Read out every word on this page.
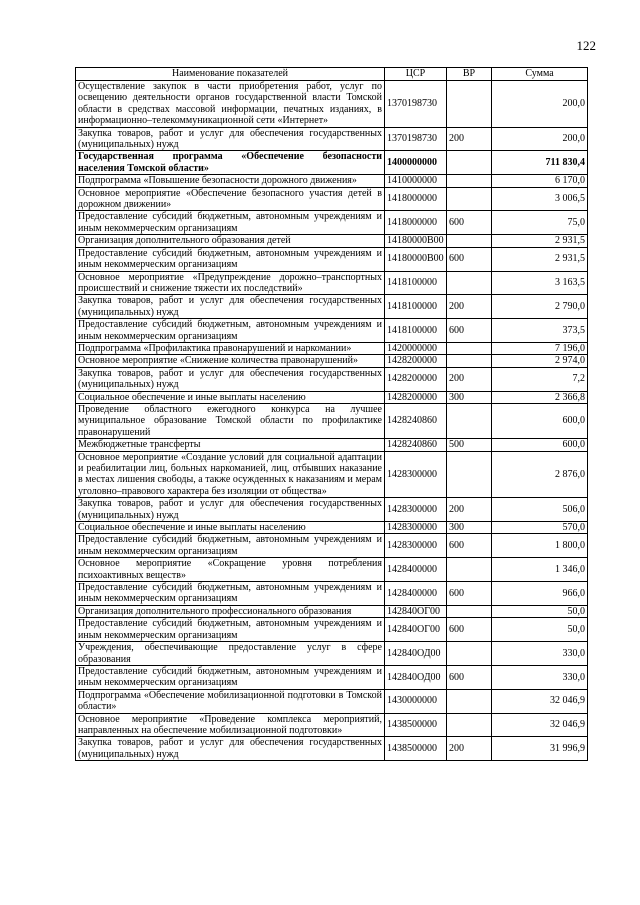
122
Наименование показателей	ЦСР	ВР	Сумма
Осуществление закупок в части приобретения работ, услуг по освещению деятельности органов государственной власти Томской области в средствах массовой информации, печатных изданиях, в информационно–телекоммуникационной сети «Интернет»	1370198730		200,0
Закупка товаров, работ и услуг для обеспечения государственных (муниципальных) нужд	1370198730	200	200,0
Государственная программа «Обеспечение безопасности населения Томской области»	1400000000		711 830,4
Подпрограмма «Повышение безопасности дорожного движения»	1410000000		6 170,0
Основное мероприятие «Обеспечение безопасного участия детей в дорожном движении»	1418000000		3 006,5
Предоставление субсидий бюджетным, автономным учреждениям и иным некоммерческим организациям	1418000000	600	75,0
Организация дополнительного образования детей	14180000В00		2 931,5
Предоставление субсидий бюджетным, автономным учреждениям и иным некоммерческим организациям	14180000В00	600	2 931,5
Основное мероприятие «Предупреждение дорожно–транспортных происшествий и снижение тяжести их последствий»	1418100000		3 163,5
Закупка товаров, работ и услуг для обеспечения государственных (муниципальных) нужд	1418100000	200	2 790,0
Предоставление субсидий бюджетным, автономным учреждениям и иным некоммерческим организациям	1418100000	600	373,5
Подпрограмма «Профилактика правонарушений и наркомании»	1420000000		7 196,0
Основное мероприятие «Снижение количества правонарушений»	1428200000		2 974,0
Закупка товаров, работ и услуг для обеспечения государственных (муниципальных) нужд	1428200000	200	7,2
Социальное обеспечение и иные выплаты населению	1428200000	300	2 366,8
Проведение областного ежегодного конкурса на лучшее муниципальное образование Томской области по профилактике правонарушений	1428240860		600,0
Межбюджетные трансферты	1428240860	500	600,0
Основное мероприятие «Создание условий для социальной адаптации и реабилитации лиц, больных наркоманией, лиц, отбывших наказание в местах лишения свободы, а также осужденных к наказаниям и мерам уголовно–правового характера без изоляции от общества»	1428300000		2 876,0
Закупка товаров, работ и услуг для обеспечения государственных (муниципальных) нужд	1428300000	200	506,0
Социальное обеспечение и иные выплаты населению	1428300000	300	570,0
Предоставление субсидий бюджетным, автономным учреждениям и иным некоммерческим организациям	1428300000	600	1 800,0
Основное мероприятие «Сокращение уровня потребления психоактивных веществ»	1428400000		1 346,0
Предоставление субсидий бюджетным, автономным учреждениям и иным некоммерческим организациям	1428400000	600	966,0
Организация дополнительного профессионального образования	142840ОГ00		50,0
Предоставление субсидий бюджетным, автономным учреждениям и иным некоммерческим организациям	142840ОГ00	600	50,0
Учреждения, обеспечивающие предоставление услуг в сфере образования	142840ОД00		330,0
Предоставление субсидий бюджетным, автономным учреждениям и иным некоммерческим организациям	142840ОД00	600	330,0
Подпрограмма «Обеспечение мобилизационной подготовки в Томской области»	1430000000		32 046,9
Основное мероприятие «Проведение комплекса мероприятий, направленных на обеспечение мобилизационной подготовки»	1438500000		32 046,9
Закупка товаров, работ и услуг для обеспечения государственных (муниципальных) нужд	1438500000	200	31 996,9
